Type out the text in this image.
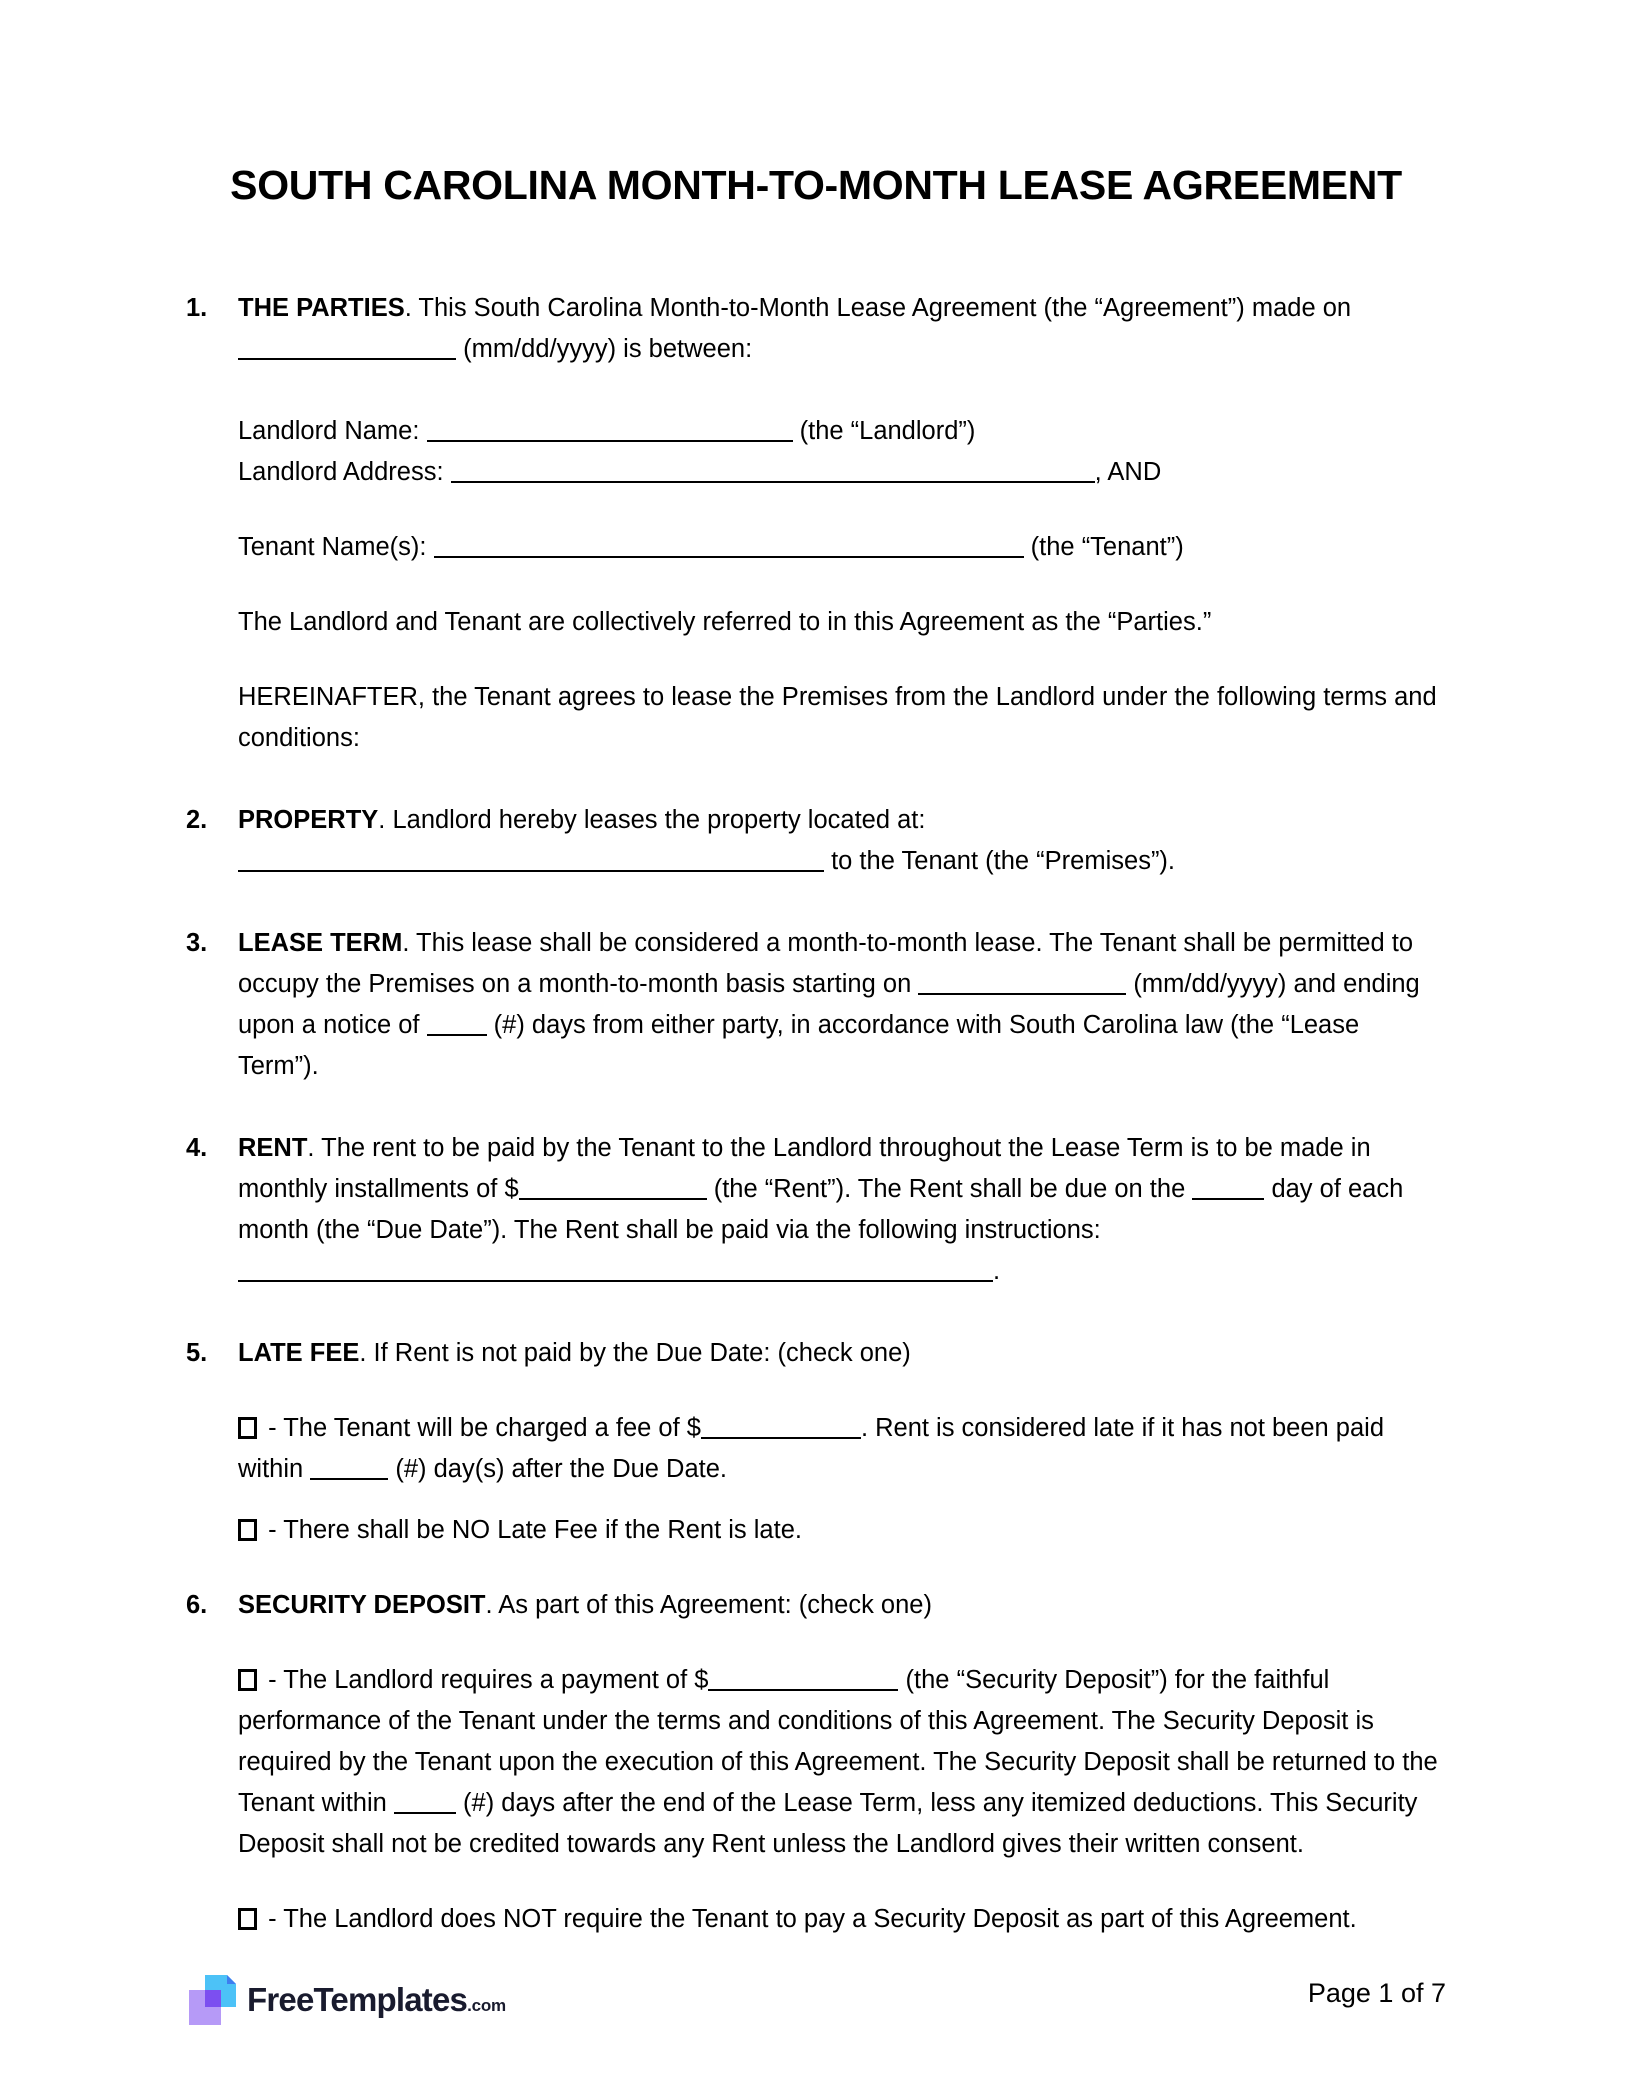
SOUTH CAROLINA MONTH-TO-MONTH LEASE AGREEMENT
1.	THE PARTIES. This South Carolina Month-to-Month Lease Agreement (the “Agreement”) made on  (mm/dd/yyyy) is between:
Landlord Name:	(the “Landlord”)
Landlord Address:	, AND
Tenant Name(s):	(the “Tenant”)
The Landlord and Tenant are collectively referred to in this Agreement as the “Parties.”
HEREINAFTER, the Tenant agrees to lease the Premises from the Landlord under the following terms and conditions:
2.	PROPERTY. Landlord hereby leases the property located at:
to the Tenant (the “Premises”).
3.	LEASE TERM. This lease shall be considered a month-to-month lease. The Tenant shall be permitted to occupy the Premises on a month-to-month basis starting on	(mm/dd/yyyy) and ending upon a notice of  (#) days from either party, in accordance with South Carolina law (the “Lease Term”).
4.	RENT. The rent to be paid by the Tenant to the Landlord throughout the Lease Term is to be made in monthly installments of $	(the “Rent”). The Rent shall be due on the	day of each month (the “Due Date”). The Rent shall be paid via the following instructions: .
5.	LATE FEE. If Rent is not paid by the Due Date: (check one)
- The Tenant will be charged a fee of $	. Rent is considered late if it has not been paid within	(#) day(s) after the Due Date.
- There shall be NO Late Fee if the Rent is late.
6.	SECURITY DEPOSIT. As part of this Agreement: (check one)
- The Landlord requires a payment of $	(the “Security Deposit”) for the faithful performance of the Tenant under the terms and conditions of this Agreement. The Security Deposit is required by the Tenant upon the execution of this Agreement. The Security Deposit shall be returned to the Tenant within  (#) days after the end of the Lease Term, less any itemized deductions. This Security Deposit shall not be credited towards any Rent unless the Landlord gives their written consent.
- The Landlord does NOT require the Tenant to pay a Security Deposit as part of this Agreement.
FreeTemplates.com	Page 1 of 7
